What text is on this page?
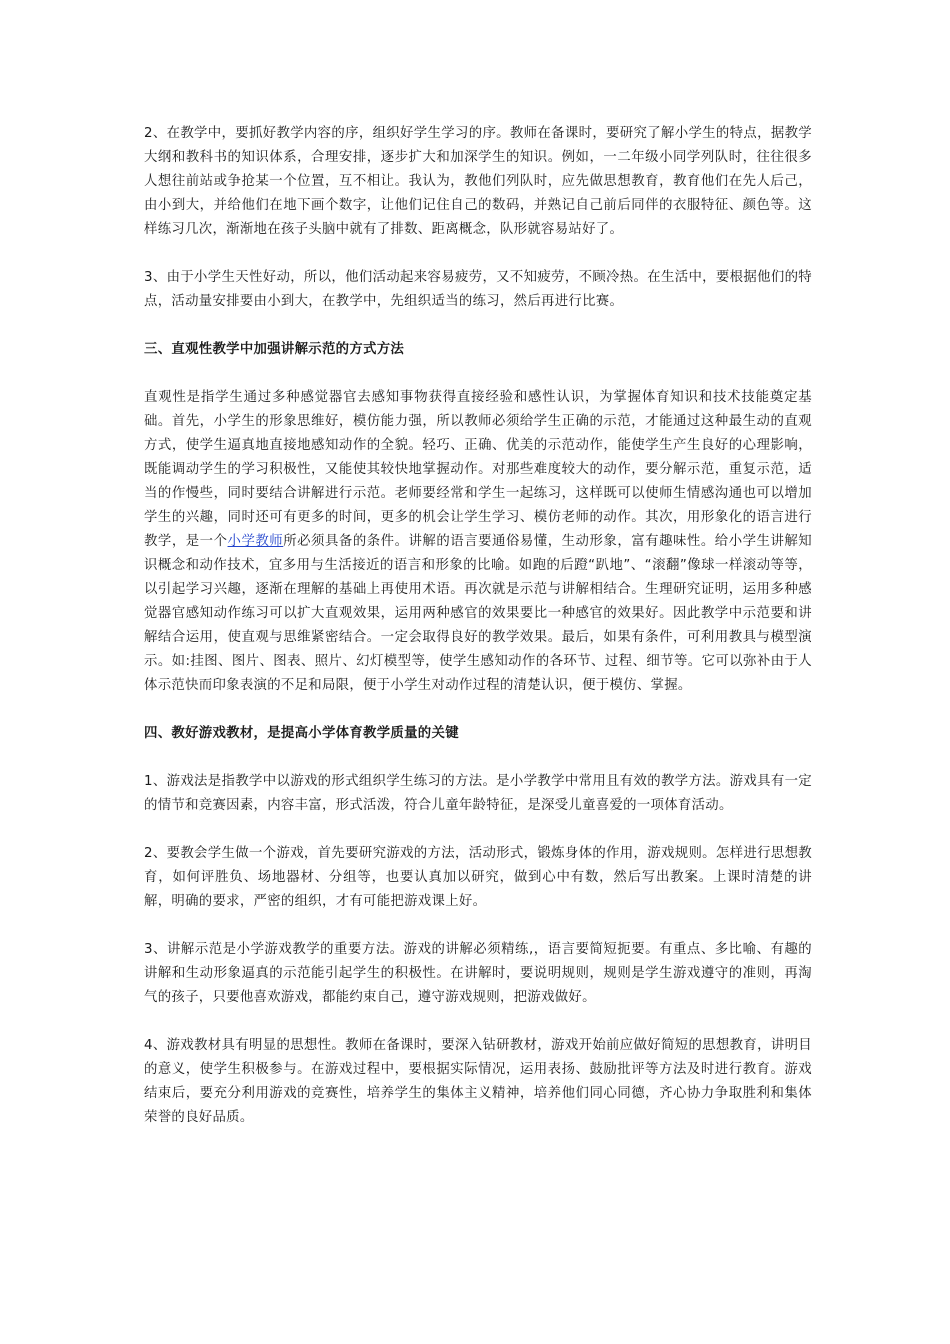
2、在教学中，要抓好教学内容的序，组织好学生学习的序。教师在备课时，要研究了解小学生的特点，据教学大纲和教科书的知识体系，合理安排，逐步扩大和加深学生的知识。例如，一二年级小同学列队时，往往很多人想往前站或争抢某一个位置，互不相让。我认为，教他们列队时，应先做思想教育，教育他们在先人后己，由小到大，并给他们在地下画个数字，让他们记住自己的数码，并熟记自己前后同伴的衣服特征、颜色等。这样练习几次，渐渐地在孩子头脑中就有了排数、距离概念，队形就容易站好了。

3、由于小学生天性好动，所以，他们活动起来容易疲劳，又不知疲劳，不顾冷热。在生活中，要根据他们的特点，活动量安排要由小到大，在教学中，先组织适当的练习，然后再进行比赛。

三、直观性教学中加强讲解示范的方式方法

直观性是指学生通过多种感觉器官去感知事物获得直接经验和感性认识，为掌握体育知识和技术技能奠定基础。首先，小学生的形象思维好，模仿能力强，所以教师必须给学生正确的示范，才能通过这种最生动的直观方式，使学生逼真地直接地感知动作的全貌。轻巧、正确、优美的示范动作，能使学生产生良好的心理影响，既能调动学生的学习积极性，又能使其较快地掌握动作。对那些难度较大的动作，要分解示范，重复示范，适当的作慢些，同时要结合讲解进行示范。老师要经常和学生一起练习，这样既可以使师生情感沟通也可以增加学生的兴趣，同时还可有更多的时间，更多的机会让学生学习、模仿老师的动作。其次，用形象化的语言进行教学，是一个小学教师所必须具备的条件。讲解的语言要通俗易懂，生动形象，富有趣味性。给小学生讲解知识概念和动作技术，宜多用与生活接近的语言和形象的比喻。如跑的后蹬“趴地”、“滚翻”像球一样滚动等等，以引起学习兴趣，逐渐在理解的基础上再使用术语。再次就是示范与讲解相结合。生理研究证明，运用多种感觉器官感知动作练习可以扩大直观效果，运用两种感官的效果要比一种感官的效果好。因此教学中示范要和讲解结合运用，使直观与思维紧密结合。一定会取得良好的教学效果。最后，如果有条件，可利用教具与模型演示。如:挂图、图片、图表、照片、幻灯模型等，使学生感知动作的各环节、过程、细节等。它可以弥补由于人体示范快而印象表演的不足和局限，便于小学生对动作过程的清楚认识，便于模仿、掌握。

四、教好游戏教材，是提高小学体育教学质量的关键

1、游戏法是指教学中以游戏的形式组织学生练习的方法。是小学教学中常用且有效的教学方法。游戏具有一定的情节和竞赛因素，内容丰富，形式活泼，符合儿童年龄特征，是深受儿童喜爱的一项体育活动。

2、要教会学生做一个游戏，首先要研究游戏的方法，活动形式，锻炼身体的作用，游戏规则。怎样进行思想教育，如何评胜负、场地器材、分组等，也要认真加以研究，做到心中有数，然后写出教案。上课时清楚的讲解，明确的要求，严密的组织，才有可能把游戏课上好。

3、讲解示范是小学游戏教学的重要方法。游戏的讲解必须精练,，语言要简短扼要。有重点、多比喻、有趣的讲解和生动形象逼真的示范能引起学生的积极性。在讲解时，要说明规则，规则是学生游戏遵守的准则，再淘气的孩子，只要他喜欢游戏，都能约束自己，遵守游戏规则，把游戏做好。

4、游戏教材具有明显的思想性。教师在备课时，要深入钻研教材，游戏开始前应做好简短的思想教育，讲明目的意义，使学生积极参与。在游戏过程中，要根据实际情况，运用表扬、鼓励批评等方法及时进行教育。游戏结束后，要充分利用游戏的竞赛性，培养学生的集体主义精神，培养他们同心同德，齐心协力争取胜利和集体荣誉的良好品质。
